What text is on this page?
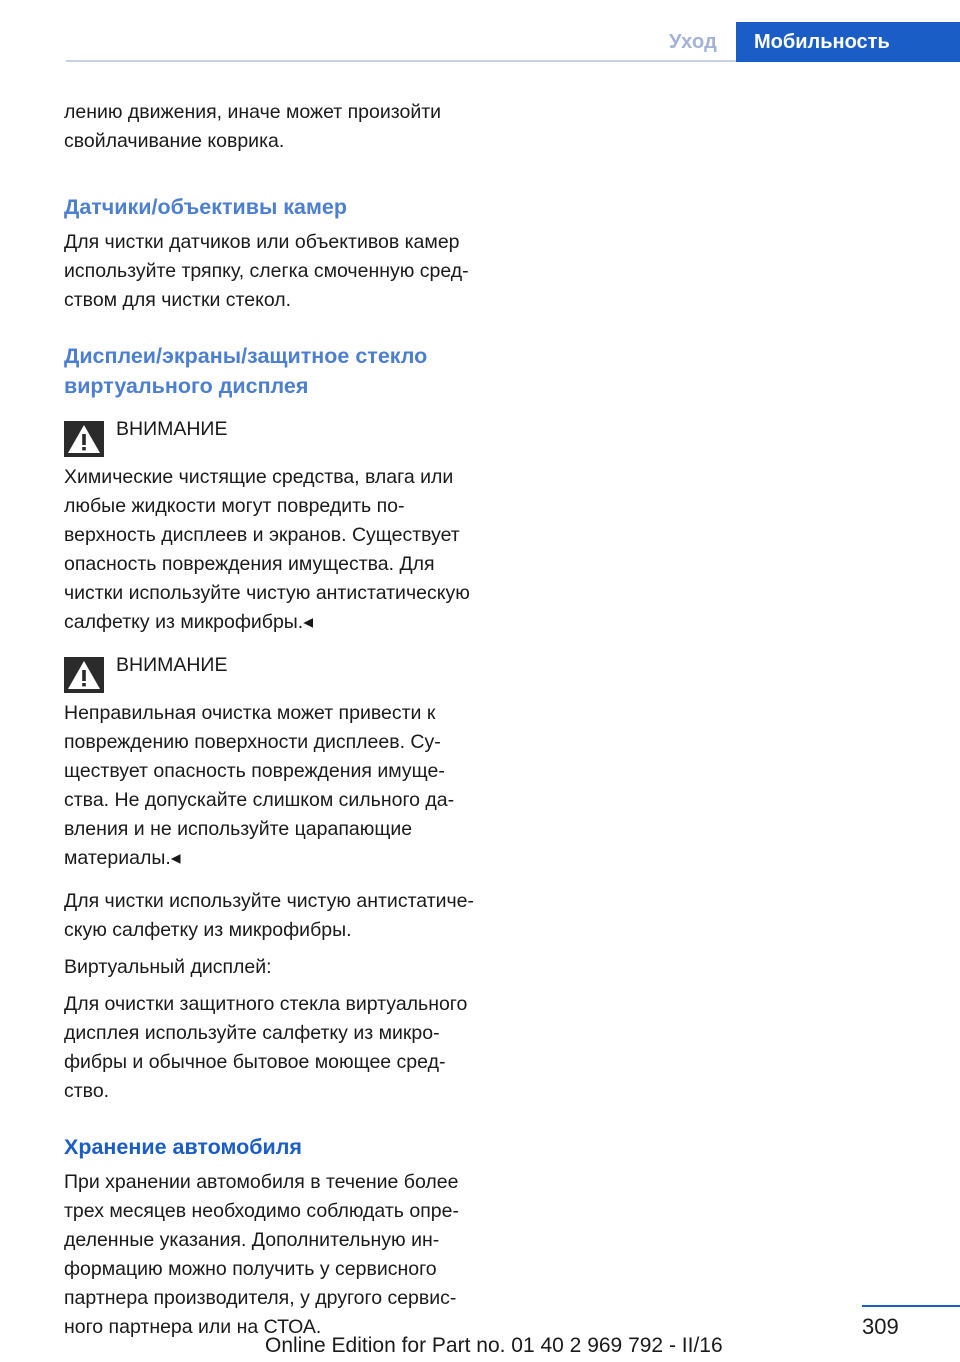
Уход	Мобильность

лению движения, иначе может произойти свойлачивание коврика.

Датчики/объективы камер

Для чистки датчиков или объективов камер используйте тряпку, слегка смоченную средством для чистки стекол.

Дисплеи/экраны/защитное стекло виртуального дисплея
ВНИМАНИЕ

Химические чистящие средства, влага или любые жидкости могут повредить поверхность дисплеев и экранов. Существует опасность повреждения имущества. Для чистки используйте чистую антистатическую салфетку из микрофибры.◂

ВНИМАНИЕ

Неправильная очистка может привести к повреждению поверхности дисплеев. Существует опасность повреждения имущества. Не допускайте слишком сильного давления и не используйте царапающие материалы.◂

Для чистки используйте чистую антистатическую салфетку из микрофибры.

Виртуальный дисплей:

Для очистки защитного стекла виртуального дисплея используйте салфетку из микрофибры и обычное бытовое моющее средство.

Хранение автомобиля

При хранении автомобиля в течение более трех месяцев необходимо соблюдать определенные указания. Дополнительную информацию можно получить у сервисного партнера производителя, у другого сервисного партнера или на СТОА.	309
Online Edition for Part no. 01 40 2 969 792 - II/16
